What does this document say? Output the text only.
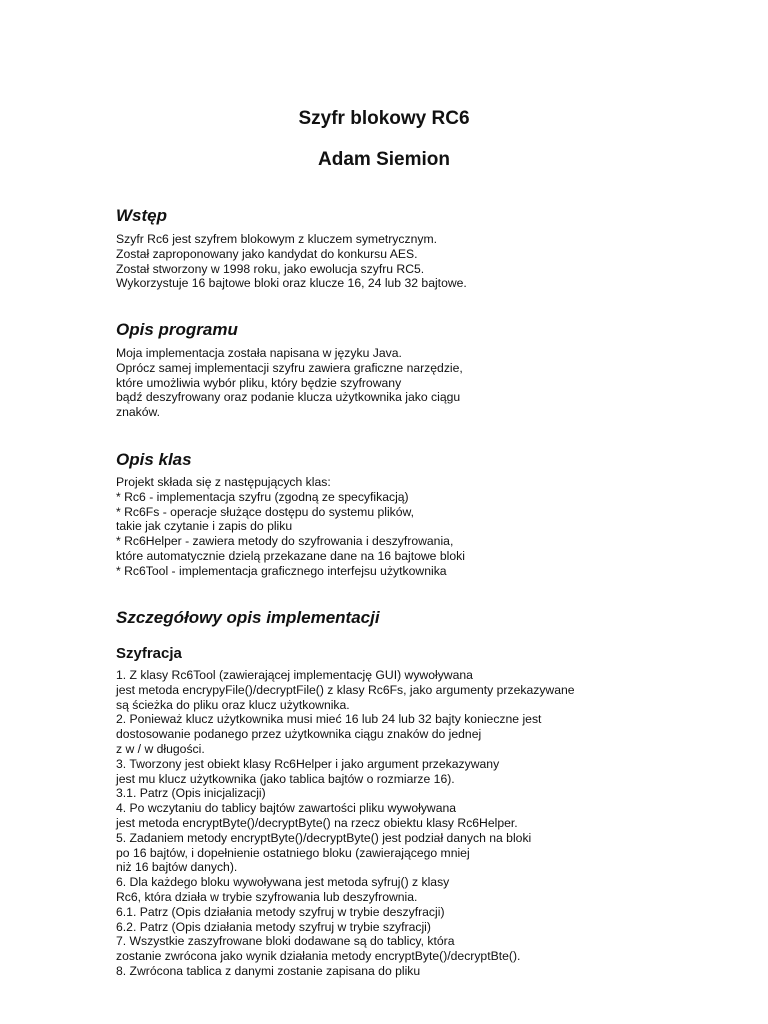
Szyfr blokowy RC6
Adam Siemion
Wstęp
Szyfr Rc6 jest szyfrem blokowym z kluczem symetrycznym.
Został zaproponowany jako kandydat do konkursu AES.
Został stworzony w 1998 roku, jako ewolucja szyfru RC5.
Wykorzystuje 16 bajtowe bloki oraz klucze 16, 24 lub 32 bajtowe.
Opis programu
Moja implementacja została napisana w języku Java.
Oprócz samej implementacji szyfru zawiera graficzne narzędzie,
które umożliwia wybór pliku, który będzie szyfrowany
bądź deszyfrowany oraz podanie klucza użytkownika jako ciągu
znaków.
Opis klas
Projekt składa się z następujących klas:
* Rc6 - implementacja szyfru (zgodną ze specyfikacją)
* Rc6Fs - operacje służące dostępu do systemu plików,
takie jak czytanie i zapis do pliku
* Rc6Helper - zawiera metody do szyfrowania i deszyfrowania,
które automatycznie dzielą przekazane dane na 16 bajtowe bloki
* Rc6Tool - implementacja graficznego interfejsu użytkownika
Szczegółowy opis implementacji
Szyfracja
1. Z klasy Rc6Tool (zawierającej implementację GUI) wywoływana
jest metoda encrypyFile()/decryptFile() z klasy Rc6Fs, jako argumenty przekazywane
są ścieżka do pliku oraz klucz użytkownika.
2. Ponieważ klucz użytkownika musi mieć 16 lub 24 lub 32 bajty konieczne jest
dostosowanie podanego przez użytkownika ciągu znaków do jednej
z w / w długości.
3. Tworzony jest obiekt klasy Rc6Helper i jako argument przekazywany
jest mu klucz użytkownika (jako tablica bajtów o rozmiarze 16).
3.1. Patrz (Opis inicjalizacji)
4. Po wczytaniu do tablicy bajtów zawartości pliku wywoływana
jest metoda encryptByte()/decryptByte() na rzecz obiektu klasy Rc6Helper.
5. Zadaniem metody encryptByte()/decryptByte() jest podział danych na bloki
po 16 bajtów, i dopełnienie ostatniego bloku (zawierającego mniej
niż 16 bajtów danych).
6. Dla każdego bloku wywoływana jest metoda syfruj() z klasy
Rc6, która działa w trybie szyfrowania lub deszyfrownia.
6.1. Patrz (Opis działania metody szyfruj w trybie deszyfracji)
6.2. Patrz (Opis działania metody szyfruj w trybie szyfracji)
7. Wszystkie zaszyfrowane bloki dodawane są do tablicy, która
zostanie zwrócona jako wynik działania metody encryptByte()/decryptBte().
8. Zwrócona tablica z danymi zostanie zapisana do pliku
